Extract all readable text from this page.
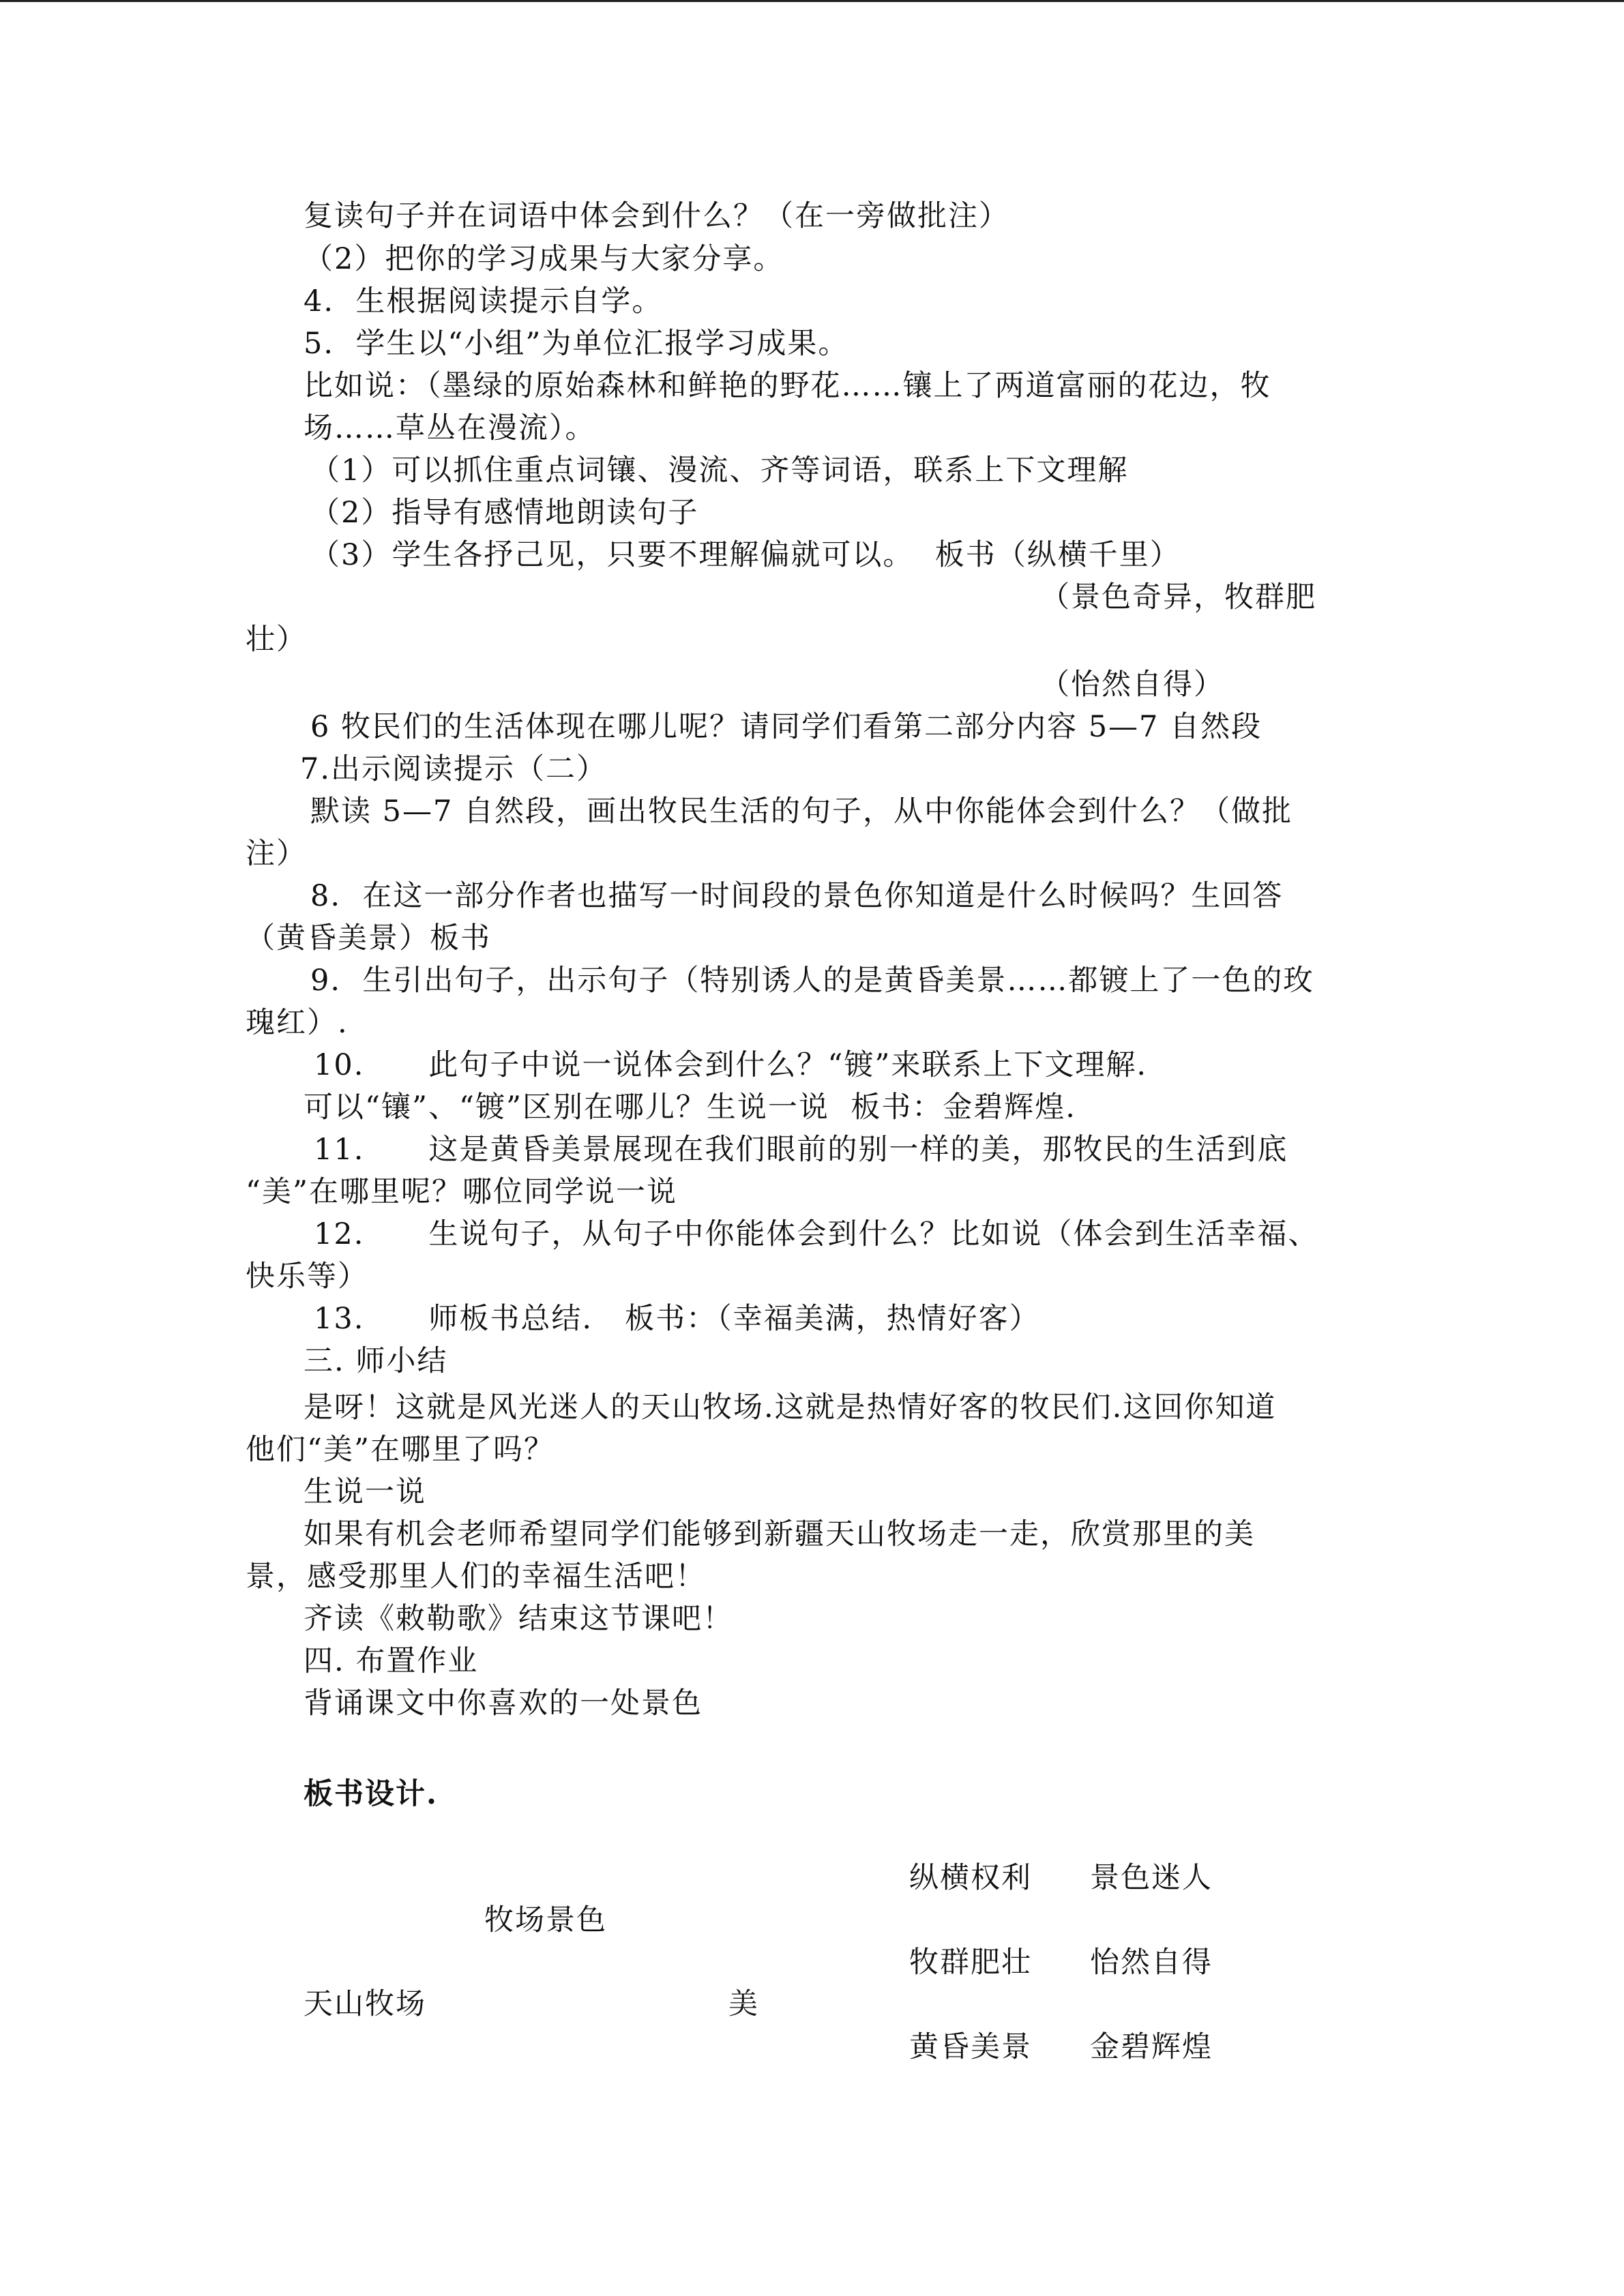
复读句子并在词语中体会到什么？（在一旁做批注）
（2）把你的学习成果与大家分享。
4.  生根据阅读提示自学。
5.  学生以“小组”为单位汇报学习成果。
比如说：（墨绿的原始森林和鲜艳的野花……镶上了两道富丽的花边，牧
场……草丛在漫流）。
（1）可以抓住重点词镶、漫流、齐等词语，联系上下文理解
（2）指导有感情地朗读句子
（3）学生各抒己见，只要不理解偏就可以。  板书（纵横千里）
（景色奇异，牧群肥
壮）
（怡然自得）
6 牧民们的生活体现在哪儿呢？请同学们看第二部分内容 5—7 自然段
7.出示阅读提示（二）
默读 5—7 自然段，画出牧民生活的句子，从中你能体会到什么？（做批
注）
8.  在这一部分作者也描写一时间段的景色你知道是什么时候吗？生回答
（黄昏美景）板书
9.  生引出句子，出示句子（特别诱人的是黄昏美景……都镀上了一色的玫
瑰红）.
10.      此句子中说一说体会到什么？“镀”来联系上下文理解.
可以“镶”、“镀”区别在哪儿？生说一说  板书：金碧辉煌.
11.      这是黄昏美景展现在我们眼前的别一样的美，那牧民的生活到底
“美”在哪里呢？哪位同学说一说
12.      生说句子，从句子中你能体会到什么？比如说（体会到生活幸福、
快乐等）
13.      师板书总结.   板书：（幸福美满，热情好客）
三. 师小结
是呀！这就是风光迷人的天山牧场.这就是热情好客的牧民们.这回你知道
他们“美”在哪里了吗？
生说一说
如果有机会老师希望同学们能够到新疆天山牧场走一走，欣赏那里的美
景，感受那里人们的幸福生活吧！
齐读《敕勒歌》结束这节课吧！
四. 布置作业
背诵课文中你喜欢的一处景色
板书设计.
牧场景色
天山牧场	美
纵横权利 景色迷人
牧群肥壮 怡然自得
黄昏美景 金碧辉煌
